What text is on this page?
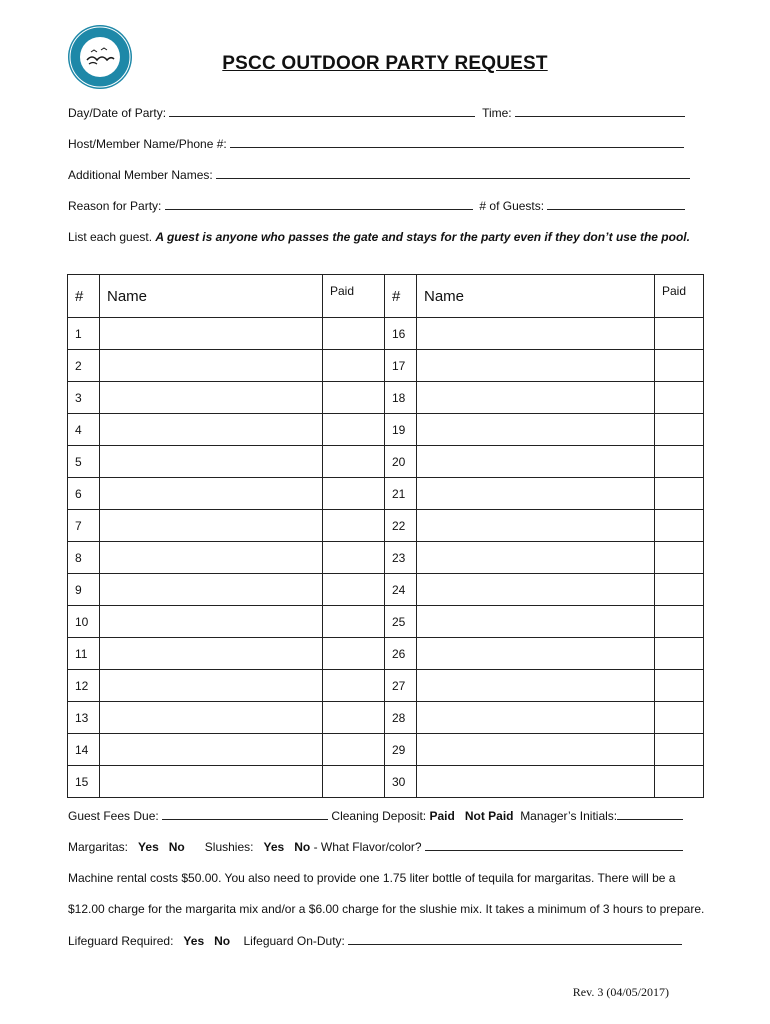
PSCC OUTDOOR PARTY REQUEST
Day/Date of Party:	Time:
Host/Member Name/Phone #:
Additional Member Names:
Reason for Party:	# of Guests:
List each guest. A guest is anyone who passes the gate and stays for the party even if they don’t use the pool.
#	Name	Paid	#	Name	Paid
1			16		
2			17		
3			18		
4			19		
5			20		
6			21		
7			22		
8			23		
9			24		
10			25		
11			26		
12			27		
13			28		
14			29		
15			30		
Guest Fees Due:	Cleaning Deposit: Paid Not Paid Manager’s Initials:
Margaritas: Yes No Slushies: Yes No - What Flavor/color?
Machine rental costs $50.00. You also need to provide one 1.75 liter bottle of tequila for margaritas. There will be a
$12.00 charge for the margarita mix and/or a $6.00 charge for the slushie mix. It takes a minimum of 3 hours to prepare.
Lifeguard Required: Yes No Lifeguard On-Duty:
Rev. 3 (04/05/2017)
